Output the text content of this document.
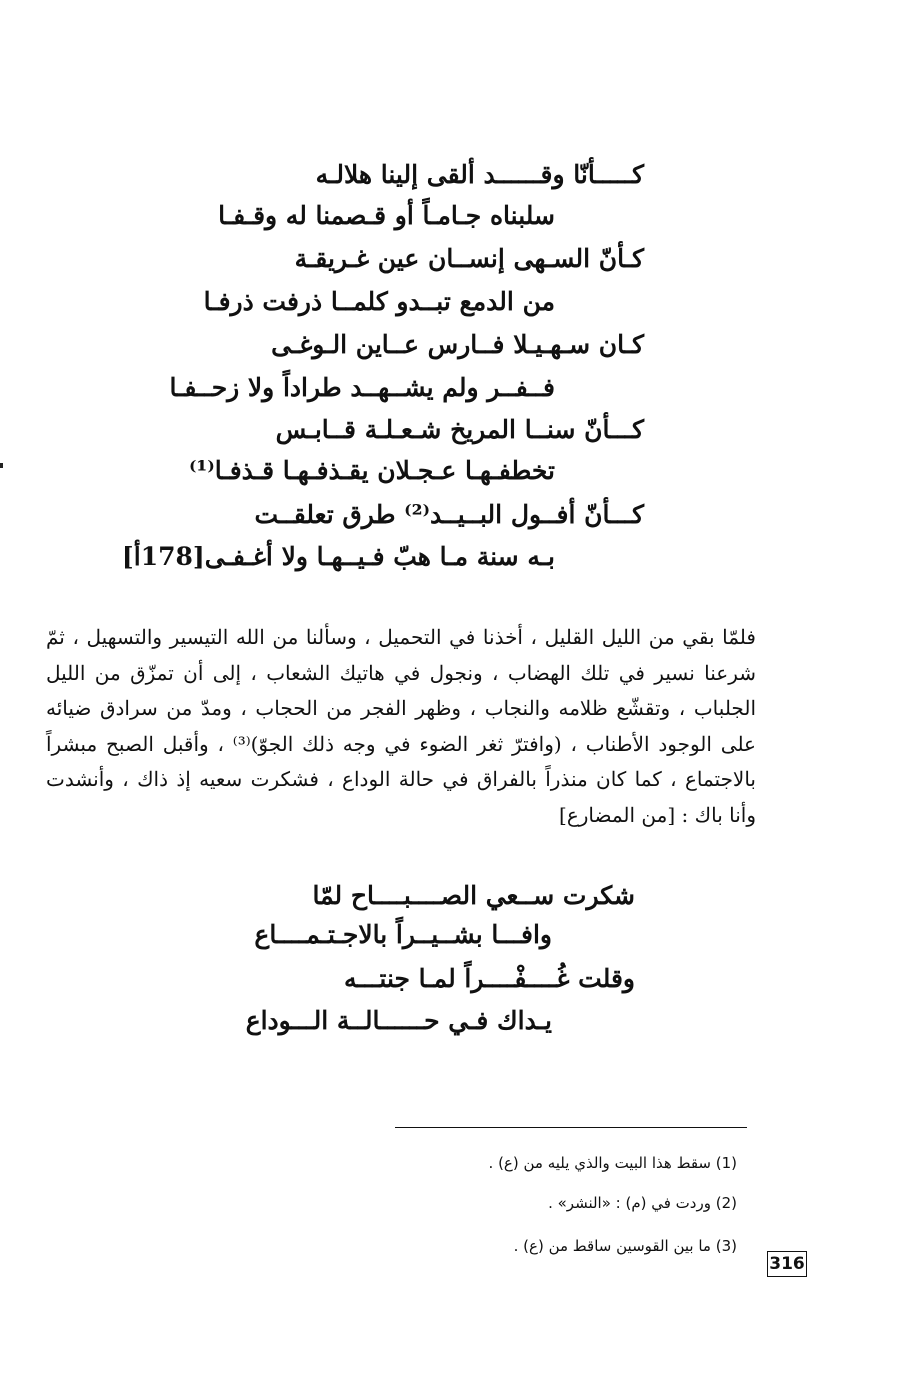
كـــــأنّا وقــــــد ألقى إلينا هلالـه
سلبناه جـامـاً أو قـصمنا له وقـفـا
كـأنّ السـهى إنســان عين غـريقـة
من الدمع تبــدو كلمــا ذرفت ذرفـا
كـان سـهـيـلا فــارس عــاين الـوغـى
فــفــر ولم يشــهــد طراداً ولا زحــفـا
كـــأنّ سنــا المريخ شـعـلـة قــابـس
تخطفـهـا عـجـلان يقـذفـهـا قـذفـا⁽¹⁾
كـــأنّ أفــول البــيــد⁽²⁾ طرق تعلقــت
بـه سنة مـا هبّ فـيــهـا ولا أغـفـى[178أ]
فلمّا بقي من الليل القليل ، أخذنا في التحميل ، وسألنا من الله التيسير والتسهيل ، ثمّ شرعنا نسير في تلك الهضاب ، ونجول في هاتيك الشعاب ، إلى أن تمزّق من الليل الجلباب ، وتقشّع ظلامه والنجاب ، وظهر الفجر من الحجاب ، ومدّ من سرادق ضيائه على الوجود الأطناب ، (وافترّ ثغر الضوء في وجه ذلك الجوّ)⁽³⁾ ، وأقبل الصبح مبشراً بالاجتماع ، كما كان منذراً بالفراق في حالة الوداع ، فشكرت سعيه إذ ذاك ، وأنشدت وأنا باك : [من المضارع]
شكرت ســعي الصــــبــــاح لمّا
وافـــا بشــيــراً بالاجـتـمــــاع
وقلت غُــــفْــــراً لمـا جنتـــه
يـداك فـي حــــــالــة الـــوداع
(1) سقط هذا البيت والذي يليه من (ع) .
(2) وردت في (م) : «النشر» .
(3) ما بين القوسين ساقط من (ع) .
316
